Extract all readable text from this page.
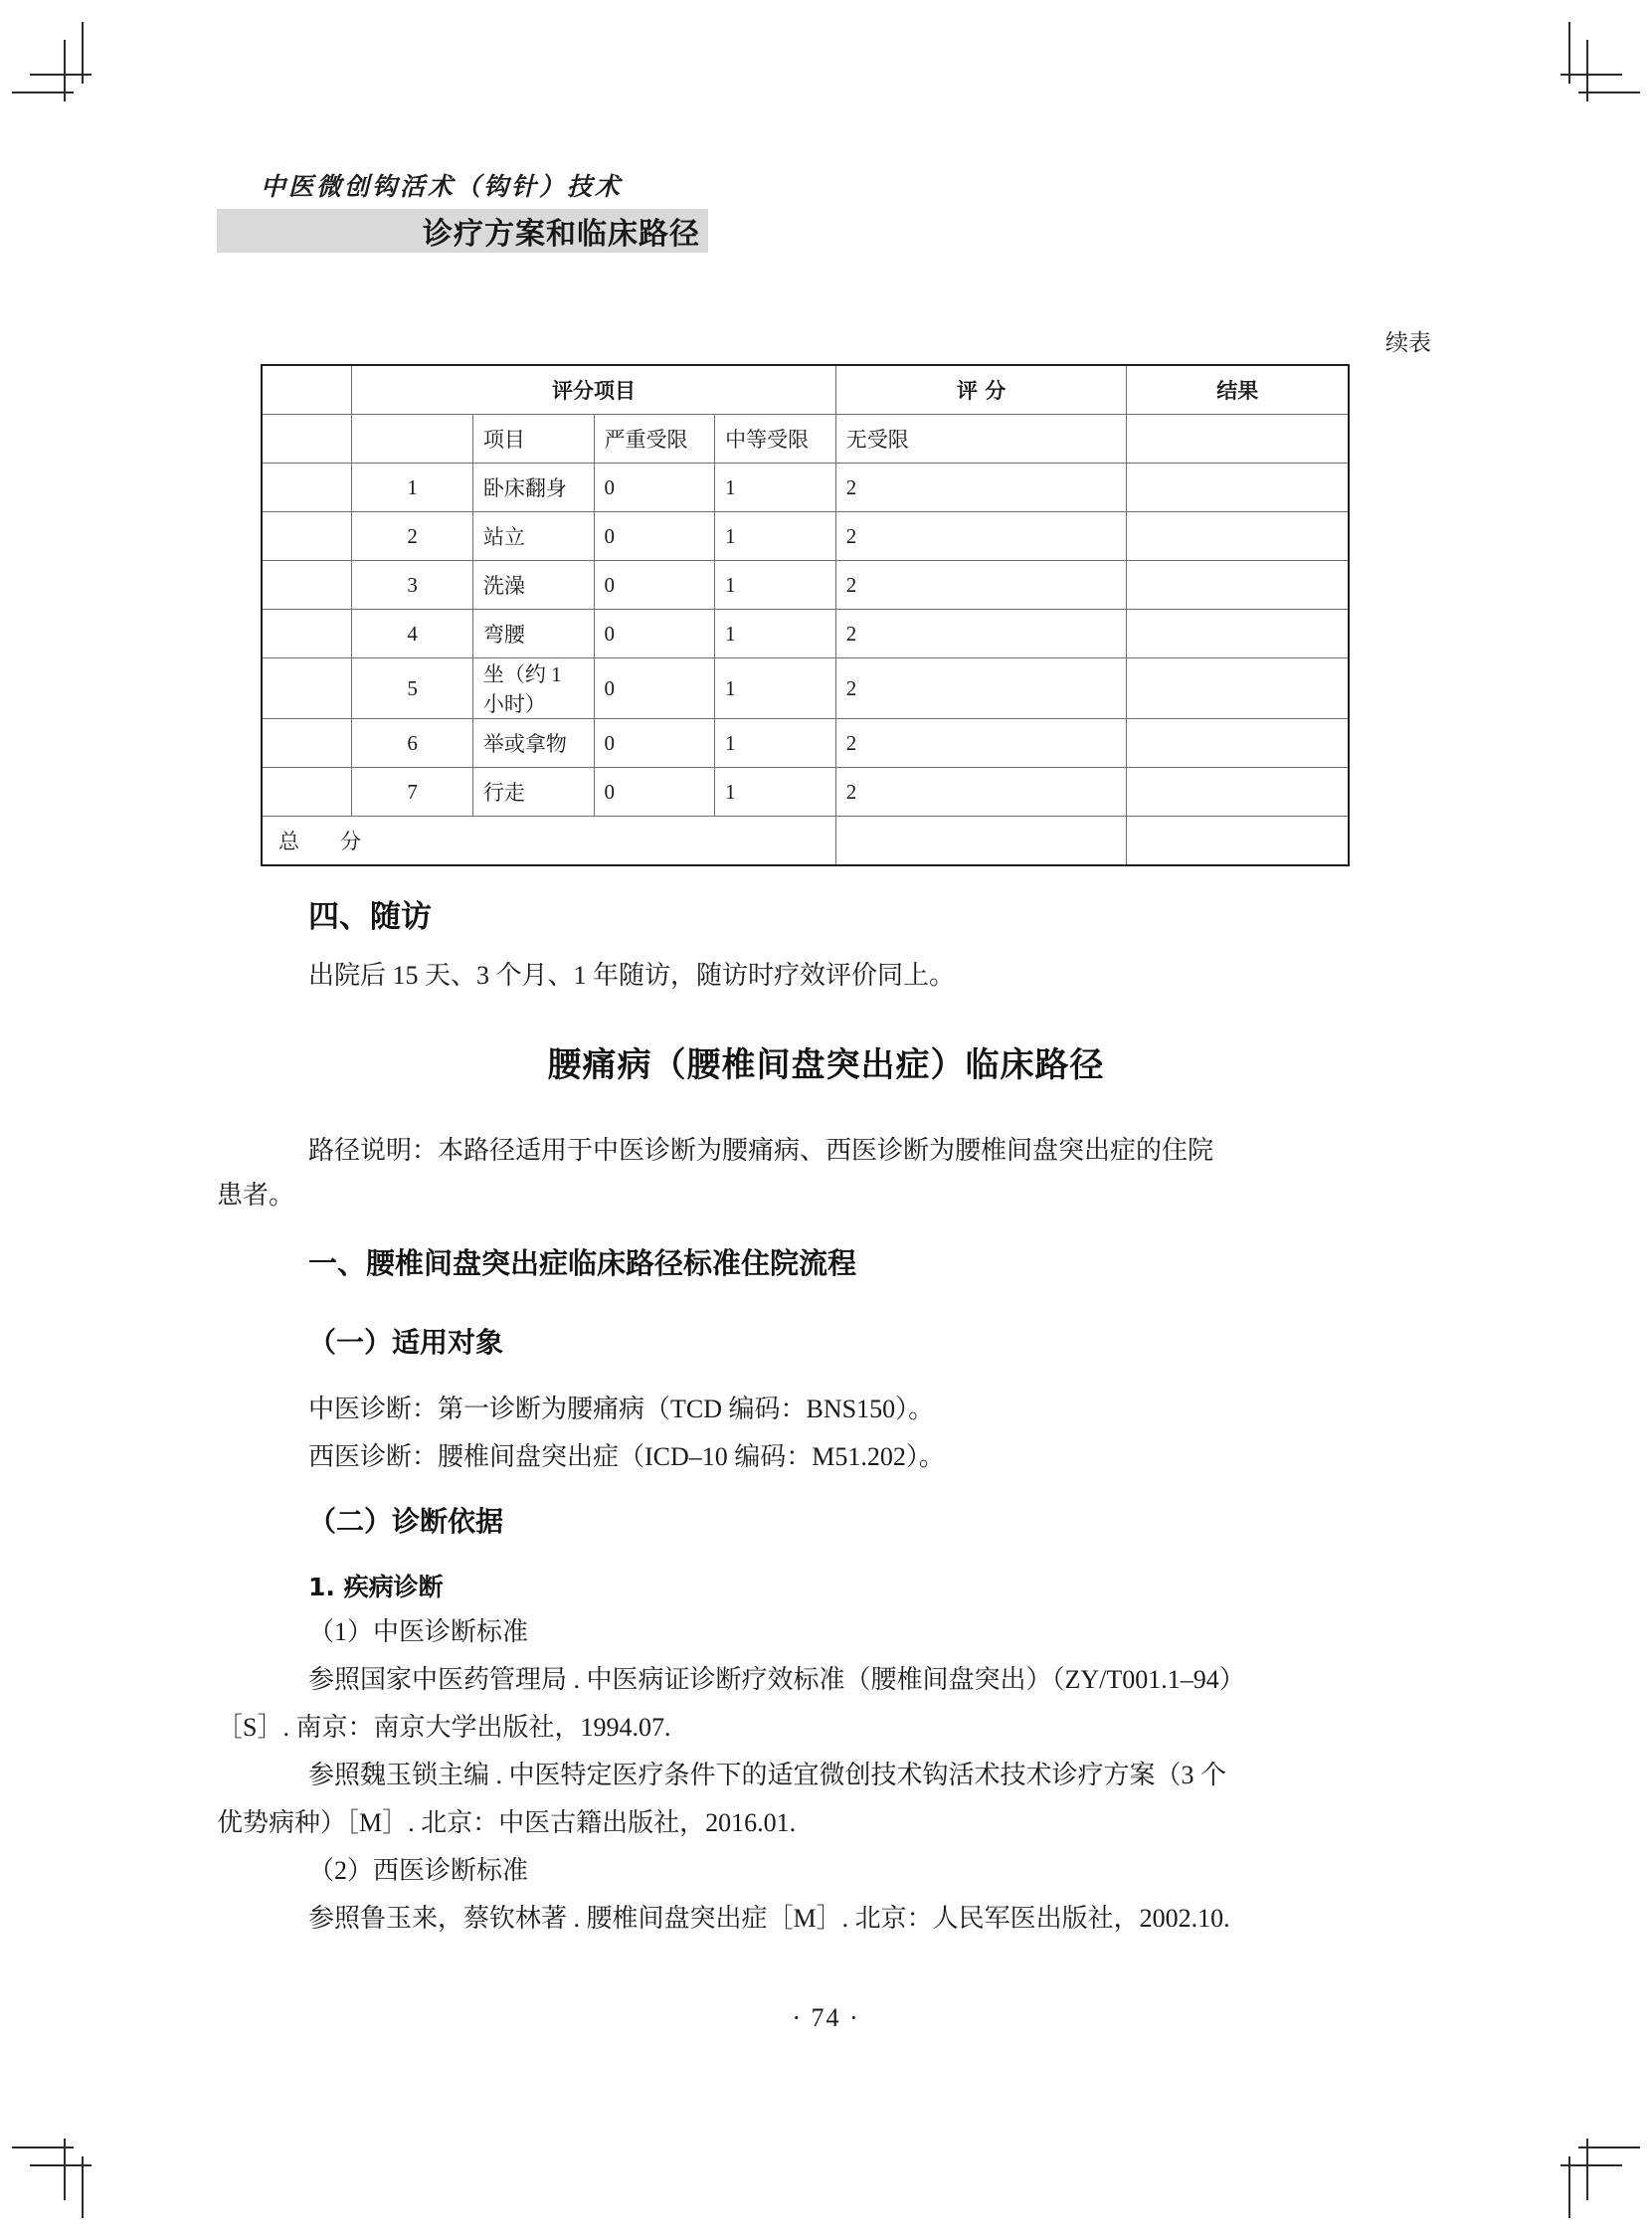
中医微创钩活术（钩针）技术
诊疗方案和临床路径
续表
	评分项目				评 分	结果
		项目	严重受限	中等受限	无受限	
	1	卧床翻身	0	1	2	
	2	站立	0	1	2	
	3	洗澡	0	1	2	
	4	弯腰	0	1	2	
	5	坐（约 1 小时）	0	1	2	
	6	举或拿物	0	1	2	
	7	行走	0	1	2	
总　分						
四、随访
出院后 15 天、3 个月、1 年随访，随访时疗效评价同上。
腰痛病（腰椎间盘突出症）临床路径
路径说明：本路径适用于中医诊断为腰痛病、西医诊断为腰椎间盘突出症的住院
患者。
一、腰椎间盘突出症临床路径标准住院流程
（一）适用对象
中医诊断：第一诊断为腰痛病（TCD 编码：BNS150）。
西医诊断：腰椎间盘突出症（ICD–10 编码：M51.202）。
（二）诊断依据
1. 疾病诊断
（1）中医诊断标准
参照国家中医药管理局 . 中医病证诊断疗效标准（腰椎间盘突出）（ZY/T001.1–94）
［S］. 南京：南京大学出版社，1994.07.
参照魏玉锁主编 . 中医特定医疗条件下的适宜微创技术钩活术技术诊疗方案（3 个
优势病种）［M］. 北京：中医古籍出版社，2016.01.
（2）西医诊断标准
参照鲁玉来，蔡钦林著 . 腰椎间盘突出症［M］. 北京：人民军医出版社，2002.10.
· 74 ·
